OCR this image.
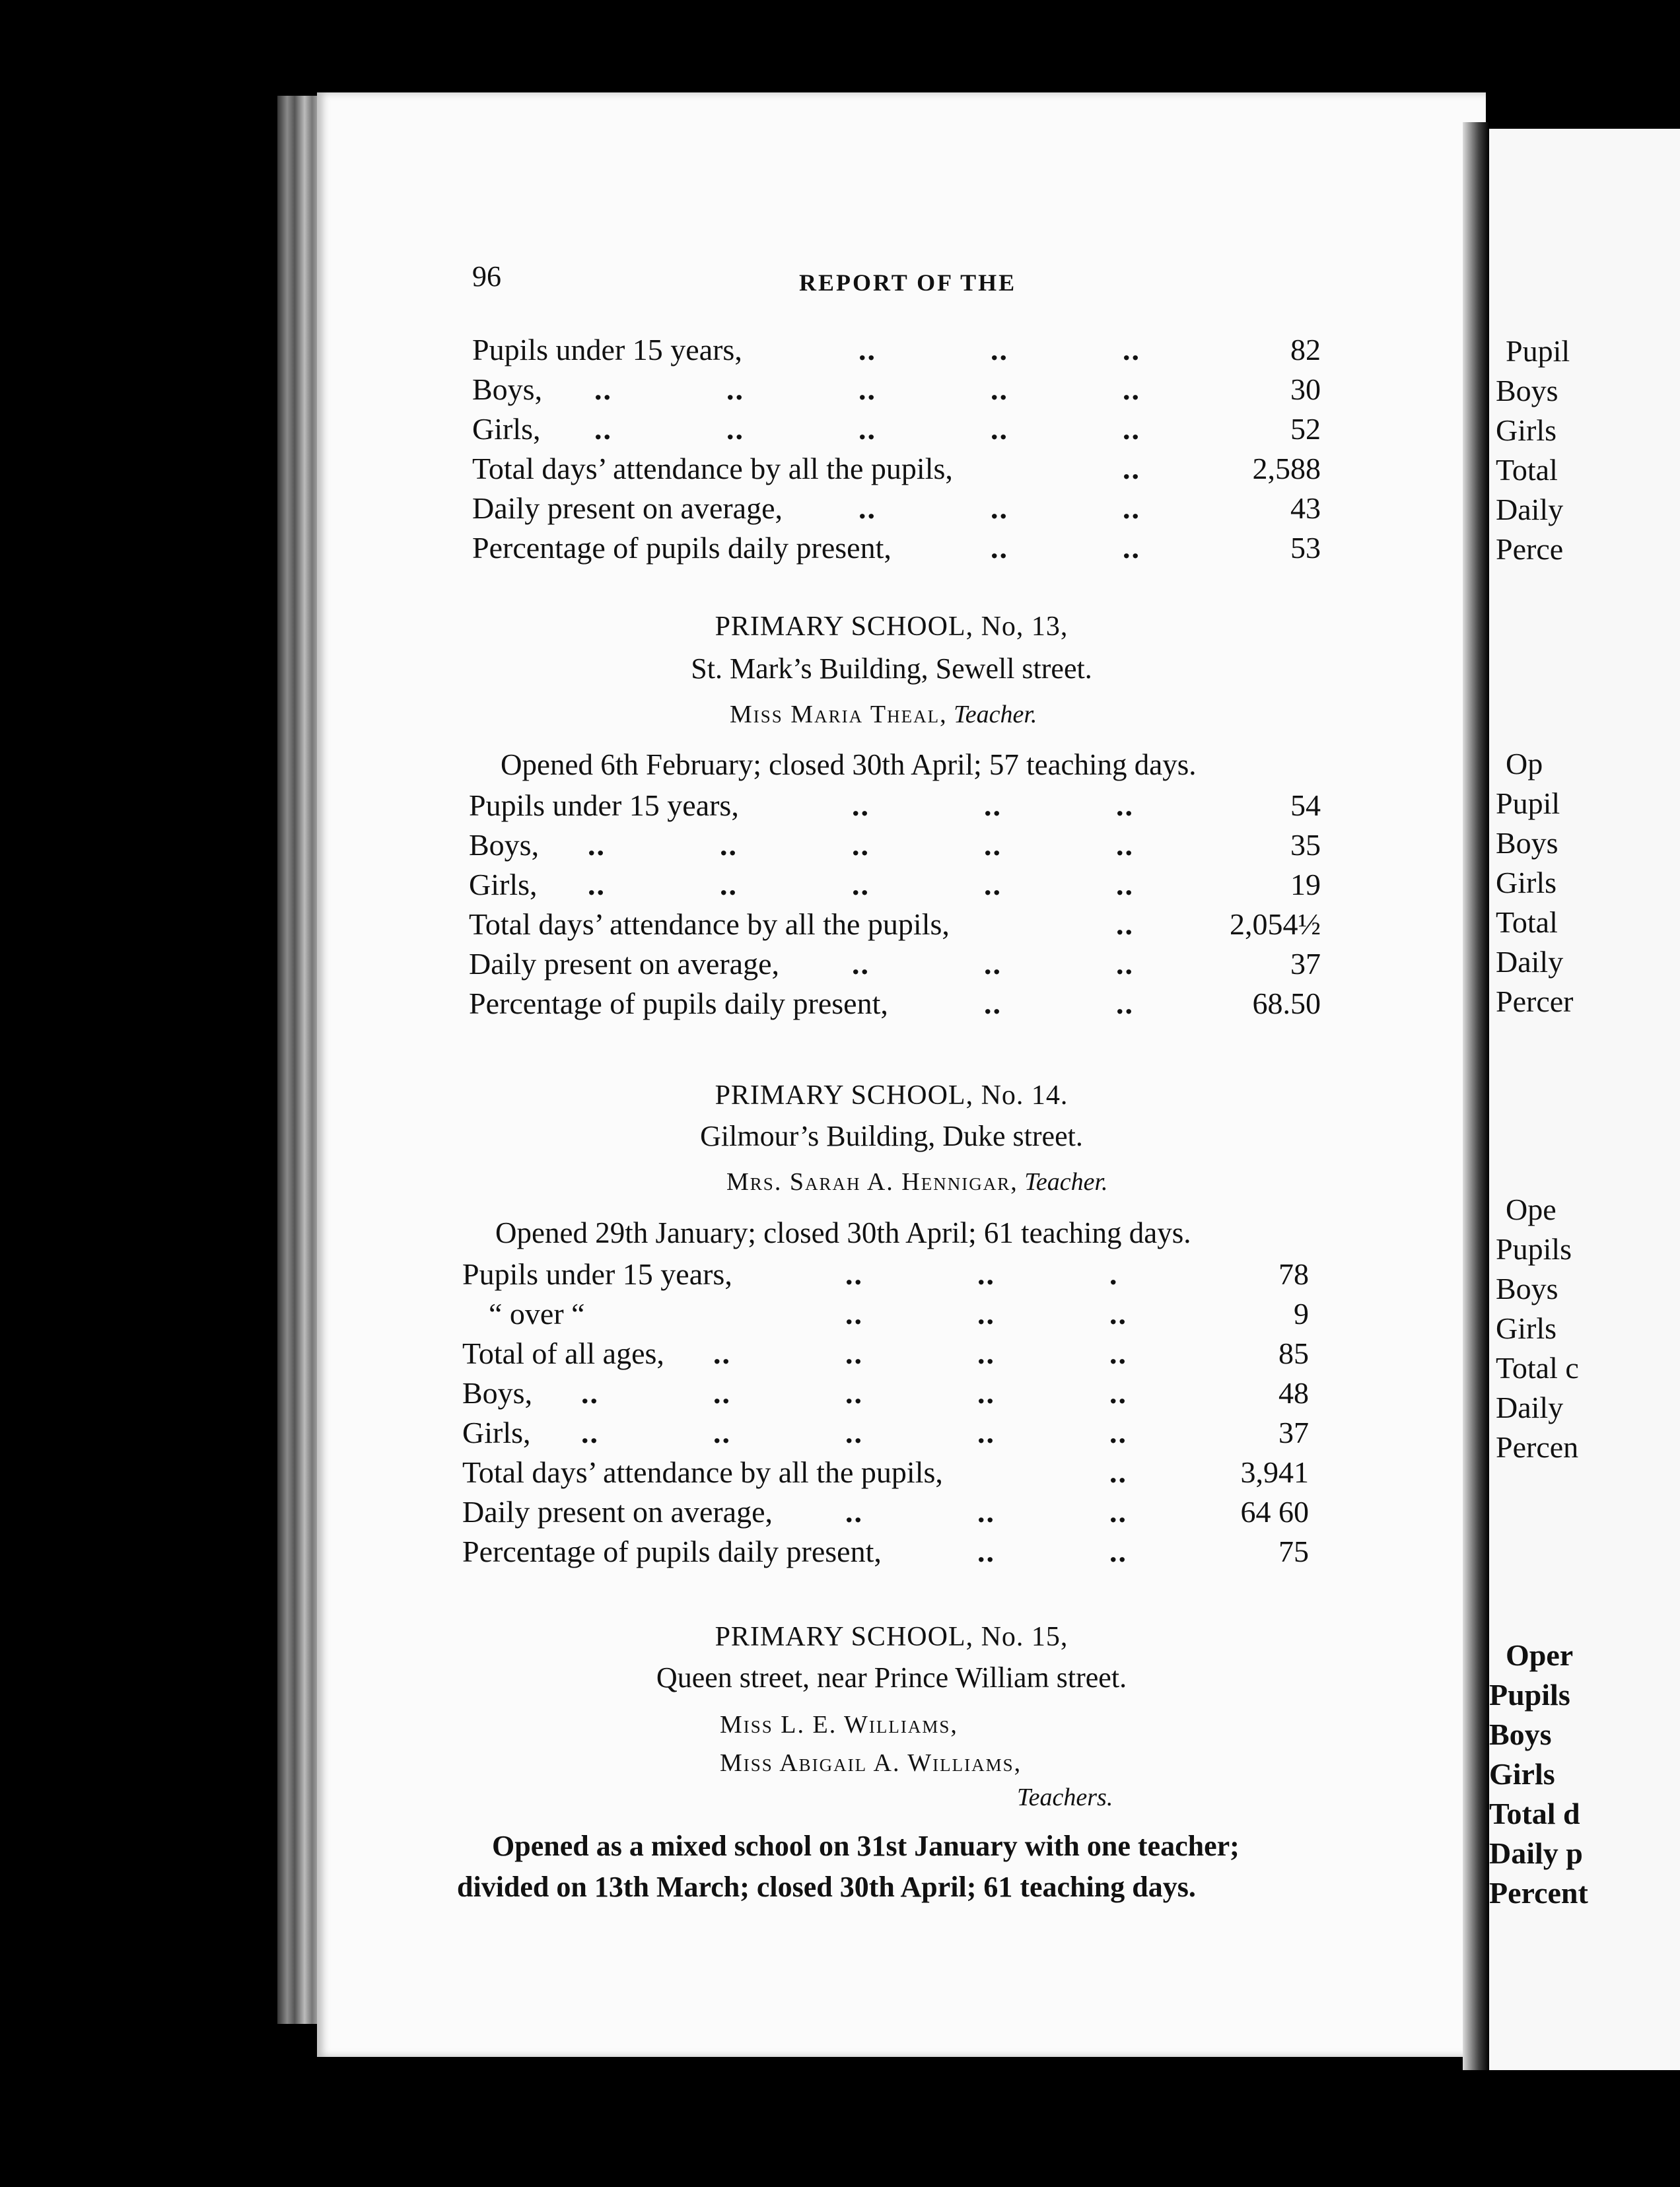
Pupil
Boys
Girls
Total
Daily
Perce
Op
Pupil
Boys
Girls
Total
Daily
Percer
Ope
Pupils
Boys
Girls
Total c
Daily
Percen
Oper
Pupils
Boys
Girls
Total d
Daily p
Percent
96	REPORT OF THE
Pupils under 15 years,	..	..	..	82
Boys, ..	..	..	..	..	30
Girls, ..	..	..	..	..	52
Total days’ attendance by all the pupils,	..	2,588
Daily present on average, ..	..	..	43
Percentage of pupils daily present,	..	..	53
PRIMARY SCHOOL, No, 13,
St. Mark’s Building, Sewell street.
Miss Maria Theal, Teacher.
Opened 6th February; closed 30th April; 57 teaching days.
Pupils under 15 years,	..	..	..	54
Boys, ..	..	..	..	..	35
Girls, ..	..	..	..	..	19
Total days’ attendance by all the pupils,	..	2,054½
Daily present on average, ..	..	..	37
Percentage of pupils daily present,	..	..	68.50
PRIMARY SCHOOL, No. 14.
Gilmour’s Building, Duke street.
Mrs. Sarah A. Hennigar, Teacher.
Opened 29th January; closed 30th April; 61 teaching days.
Pupils under 15 years,	..	..	.	78
“ over “	..	..	..	9
Total of all ages, ..	..	..	..	85
Boys, ..	..	..	..	..	48
Girls, ..	..	..	..	..	37
Total days’ attendance by all the pupils,	..	3,941
Daily present on average, ..	..	..	64 60
Percentage of pupils daily present,	..	..	75
PRIMARY SCHOOL, No. 15,
Queen street, near Prince William street.
Miss L. E. Williams,
Miss Abigail A. Williams,
Teachers.
Opened as a mixed school on 31st January with one teacher;
divided on 13th March; closed 30th April; 61 teaching days.
